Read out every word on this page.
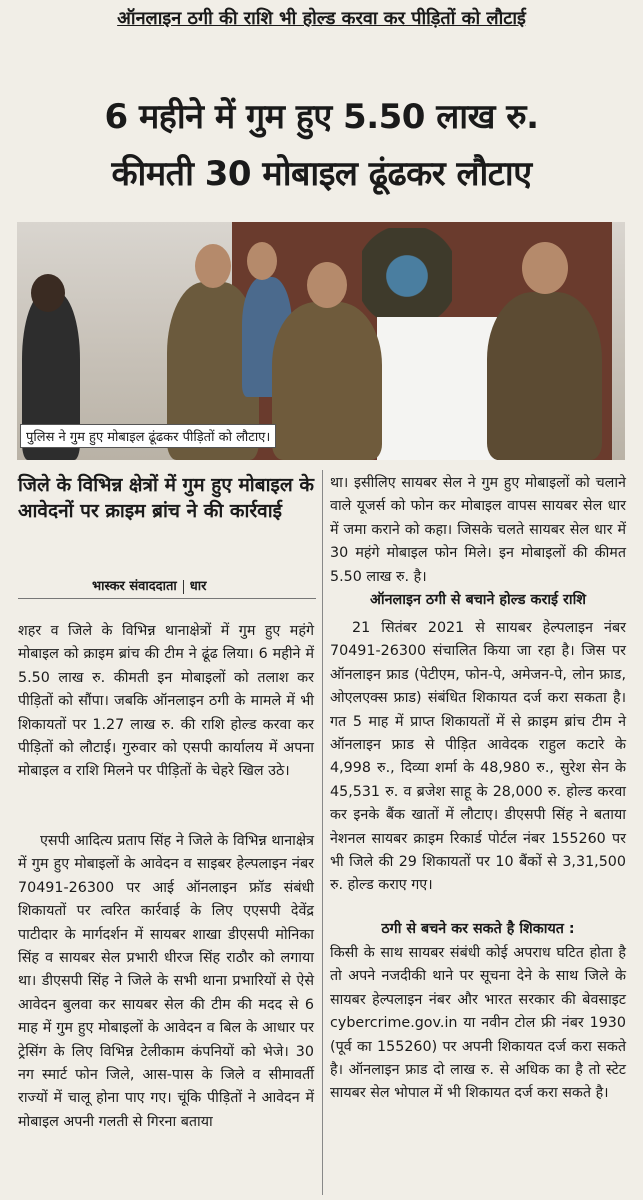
ऑनलाइन ठगी की राशि भी होल्ड करवा कर पीड़ितों को लौटाई
6 महीने में गुम हुए 5.50 लाख रु.
कीमती 30 मोबाइल ढूंढकर लौटाए
पुलिस ने गुम हुए मोबाइल ढूंढकर पीड़ितों को लौटाए।
जिले के विभिन्न क्षेत्रों में गुम हुए मोबाइल के आवेदनों पर क्राइम ब्रांच ने की कार्रवाई
भास्कर संवाददाता धार

शहर व जिले के विभिन्न थानाक्षेत्रों में गुम हुए महंगे मोबाइल को क्राइम ब्रांच की टीम ने ढूंढ लिया। 6 महीने में 5.50 लाख रु. कीमती इन मोबाइलों को तलाश कर पीड़ितों को सौंपा। जबकि ऑनलाइन ठगी के मामले में भी शिकायतों पर 1.27 लाख रु. की राशि होल्ड करवा कर पीड़ितों को लौटाई। गुरुवार को एसपी कार्यालय में अपना मोबाइल व राशि मिलने पर पीड़ितों के चेहरे खिल उठे।

एसपी आदित्य प्रताप सिंह ने जिले के विभिन्न थानाक्षेत्र में गुम हुए मोबाइलों के आवेदन व साइबर हेल्पलाइन नंबर 70491-26300 पर आई ऑनलाइन फ्रॉड संबंधी शिकायतों पर त्वरित कार्रवाई के लिए एएसपी देवेंद्र पाटीदार के मार्गदर्शन में सायबर शाखा डीएसपी मोनिका सिंह व सायबर सेल प्रभारी धीरज सिंह राठौर को लगाया था। डीएसपी सिंह ने जिले के सभी थाना प्रभारियों से ऐसे आवेदन बुलवा कर सायबर सेल की टीम की मदद से 6 माह में गुम हुए मोबाइलों के आवेदन व बिल के आधार पर ट्रेसिंग के लिए विभिन्न टेलीकाम कंपनियों को भेजे। 30 नग स्मार्ट फोन जिले, आस-पास के जिले व सीमावर्ती राज्यों में चालू होना पाए गए। चूंकि पीड़ितों ने आवेदन में मोबाइल अपनी गलती से गिरना बताया

था। इसीलिए सायबर सेल ने गुम हुए मोबाइलों को चलाने वाले यूजर्स को फोन कर मोबाइल वापस सायबर सेल धार में जमा कराने को कहा। जिसके चलते सायबर सेल धार में 30 महंगे मोबाइल फोन मिले। इन मोबाइलों की कीमत 5.50 लाख रु. है।

ऑनलाइन ठगी से बचाने होल्ड कराई राशि

21 सितंबर 2021 से सायबर हेल्पलाइन नंबर 70491-26300 संचालित किया जा रहा है। जिस पर ऑनलाइन फ्राड (पेटीएम, फोन-पे, अमेजन-पे, लोन फ्राड, ओएलएक्स फ्राड) संबंधित शिकायत दर्ज करा सकता है। गत 5 माह में प्राप्त शिकायतों में से क्राइम ब्रांच टीम ने ऑनलाइन फ्राड से पीड़ित आवेदक राहुल कटारे के 4,998 रु., दिव्या शर्मा के 48,980 रु., सुरेश सेन के 45,531 रु. व ब्रजेश साहू के 28,000 रु. होल्ड करवा कर इनके बैंक खातों में लौटाए। डीएसपी सिंह ने बताया नेशनल सायबर क्राइम रिकार्ड पोर्टल नंबर 155260 पर भी जिले की 29 शिकायतों पर 10 बैंकों से 3,31,500 रु. होल्ड कराए गए।

ठगी से बचने कर सकते है शिकायत :

किसी के साथ सायबर संबंधी कोई अपराध घटित होता है तो अपने नजदीकी थाने पर सूचना देने के साथ जिले के सायबर हेल्पलाइन नंबर और भारत सरकार की बेवसाइट cybercrime.gov.in या नवीन टोल फ्री नंबर 1930 (पूर्व का 155260) पर अपनी शिकायत दर्ज करा सकते है। ऑनलाइन फ्राड दो लाख रु. से अधिक का है तो स्टेट सायबर सेल भोपाल में भी शिकायत दर्ज करा सकते है।
